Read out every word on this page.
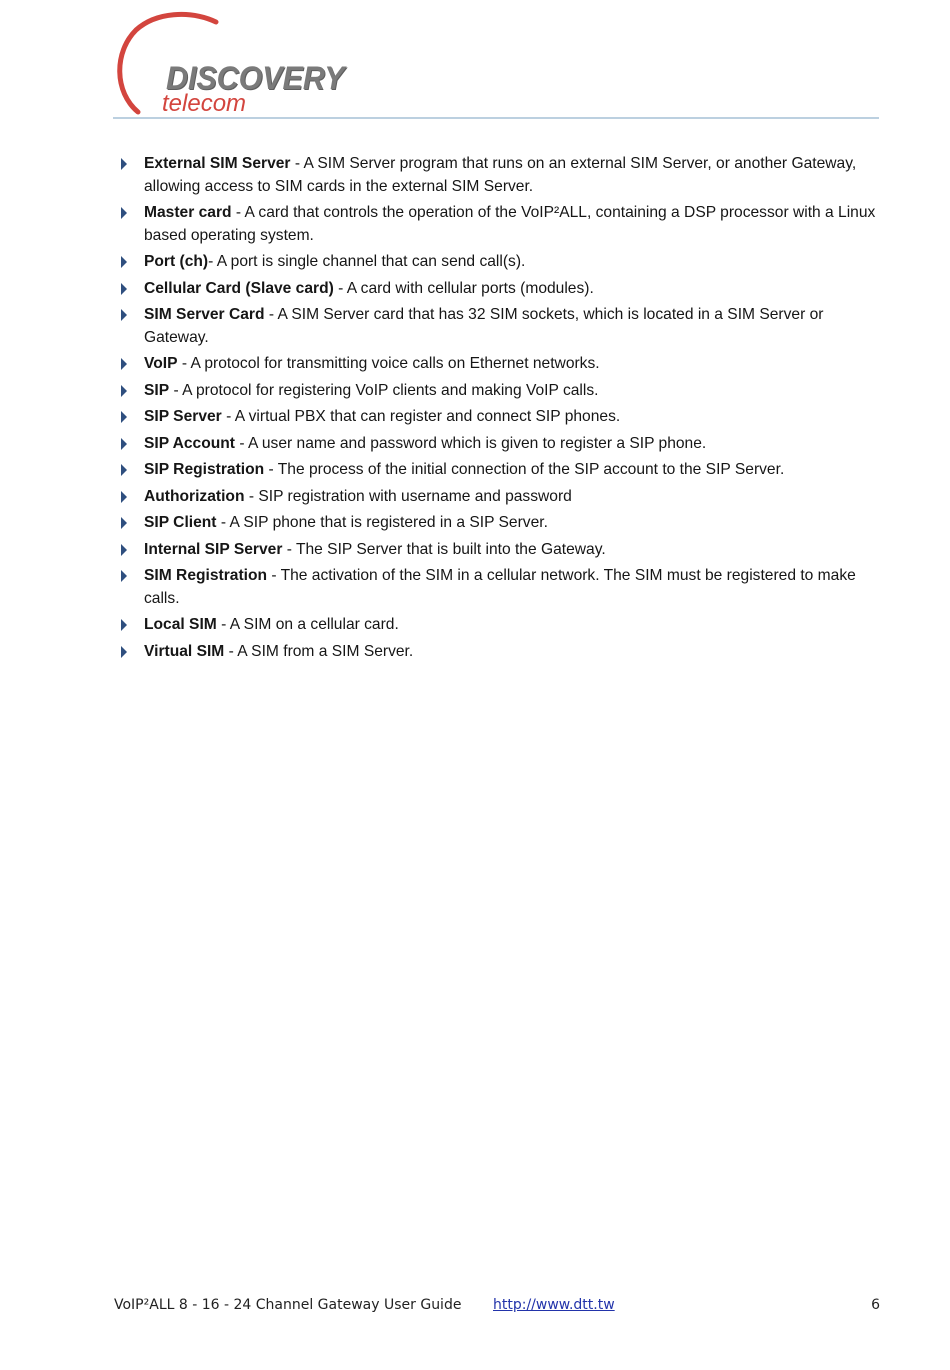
DISCOVERY
telecom
External SIM Server - A SIM Server program that runs on an external SIM Server, or another Gateway, allowing access to SIM cards in the external SIM Server.
Master card - A card that controls the operation of the VoIP²ALL, containing a DSP processor with a Linux based operating system.
Port (ch)- A port is single channel that can send call(s).
Cellular Card (Slave card) - A card with cellular ports (modules).
SIM Server Card - A SIM Server card that has 32 SIM sockets, which is located in a SIM Server or Gateway.
VoIP - A protocol for transmitting voice calls on Ethernet networks.
SIP - A protocol for registering VoIP clients and making VoIP calls.
SIP Server - A virtual PBX that can register and connect SIP phones.
SIP Account - A user name and password which is given to register a SIP phone.
SIP Registration - The process of the initial connection of the SIP account to the SIP Server.
Authorization - SIP registration with username and password
SIP Client - A SIP phone that is registered in a SIP Server.
Internal SIP Server - The SIP Server that is built into the Gateway.
SIM Registration - The activation of the SIM in a cellular network. The SIM must be registered to make calls.
Local SIM - A SIM on a cellular card.
Virtual SIM - A SIM from a SIM Server.
VoIP²ALL 8 - 16 - 24 Channel Gateway User Guide http://www.dtt.tw	6
